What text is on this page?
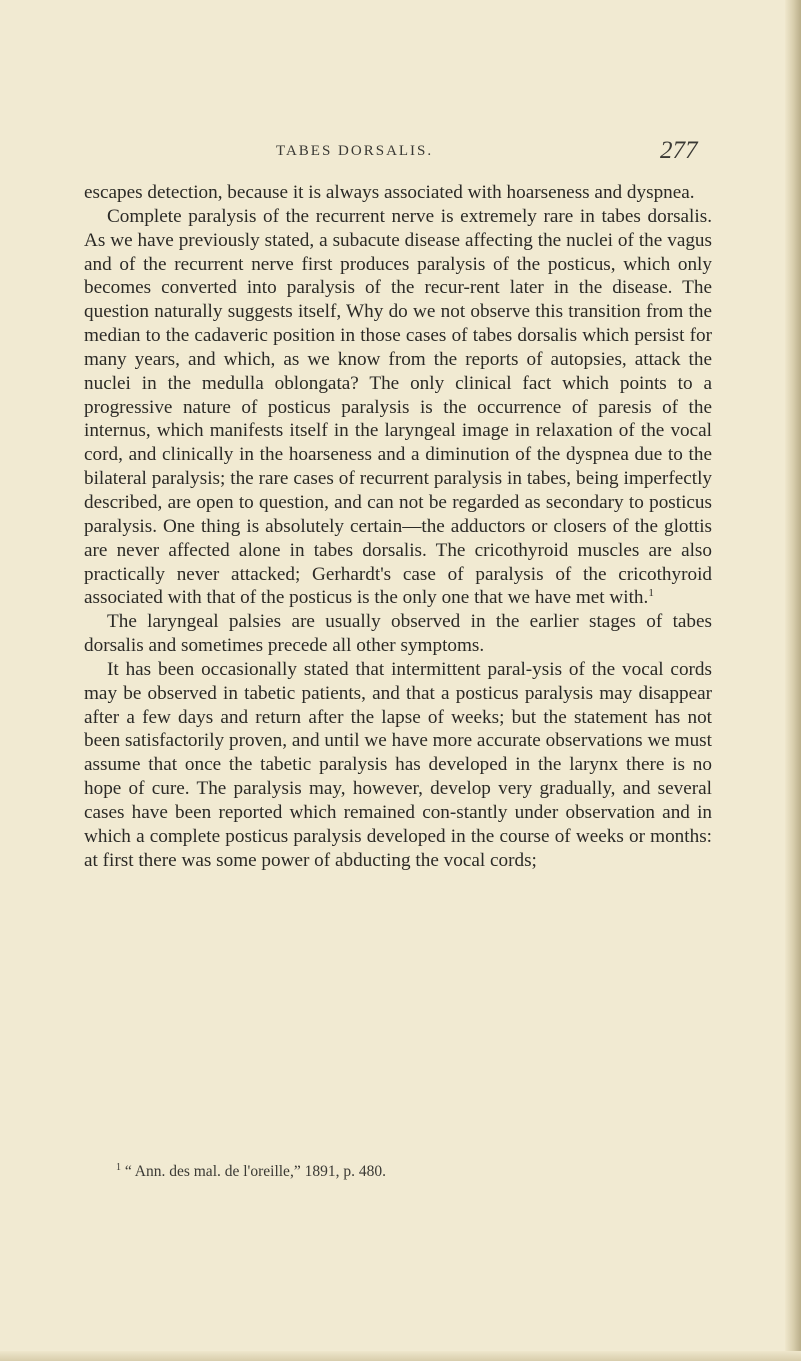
TABES DORSALIS.	277

escapes detection, because it is always associated with hoarseness and dyspnea.

Complete paralysis of the recurrent nerve is extremely rare in tabes dorsalis. As we have previously stated, a subacute disease affecting the nuclei of the vagus and of the recurrent nerve first produces paralysis of the posticus, which only becomes converted into paralysis of the recur-rent later in the disease. The question naturally suggests itself, Why do we not observe this transition from the median to the cadaveric position in those cases of tabes dorsalis which persist for many years, and which, as we know from the reports of autopsies, attack the nuclei in the medulla oblongata? The only clinical fact which points to a progressive nature of posticus paralysis is the occurrence of paresis of the internus, which manifests itself in the laryngeal image in relaxation of the vocal cord, and clinically in the hoarseness and a diminution of the dyspnea due to the bilateral paralysis; the rare cases of recurrent paralysis in tabes, being imperfectly described, are open to question, and can not be regarded as secondary to posticus paralysis. One thing is absolutely certain—the adductors or closers of the glottis are never affected alone in tabes dorsalis. The cricothyroid muscles are also practically never attacked; Gerhardt's case of paralysis of the cricothyroid associated with that of the posticus is the only one that we have met with.$^1$

The laryngeal palsies are usually observed in the earlier stages of tabes dorsalis and sometimes precede all other symptoms.

It has been occasionally stated that intermittent paral-ysis of the vocal cords may be observed in tabetic patients, and that a posticus paralysis may disappear after a few days and return after the lapse of weeks; but the statement has not been satisfactorily proven, and until we have more accurate observations we must assume that once the tabetic paralysis has developed in the larynx there is no hope of cure. The paralysis may, however, develop very gradually, and several cases have been reported which remained con-stantly under observation and in which a complete posticus paralysis developed in the course of weeks or months: at first there was some power of abducting the vocal cords;

$^1$ “ Ann. des mal. de l'oreille,” 1891, p. 480.
